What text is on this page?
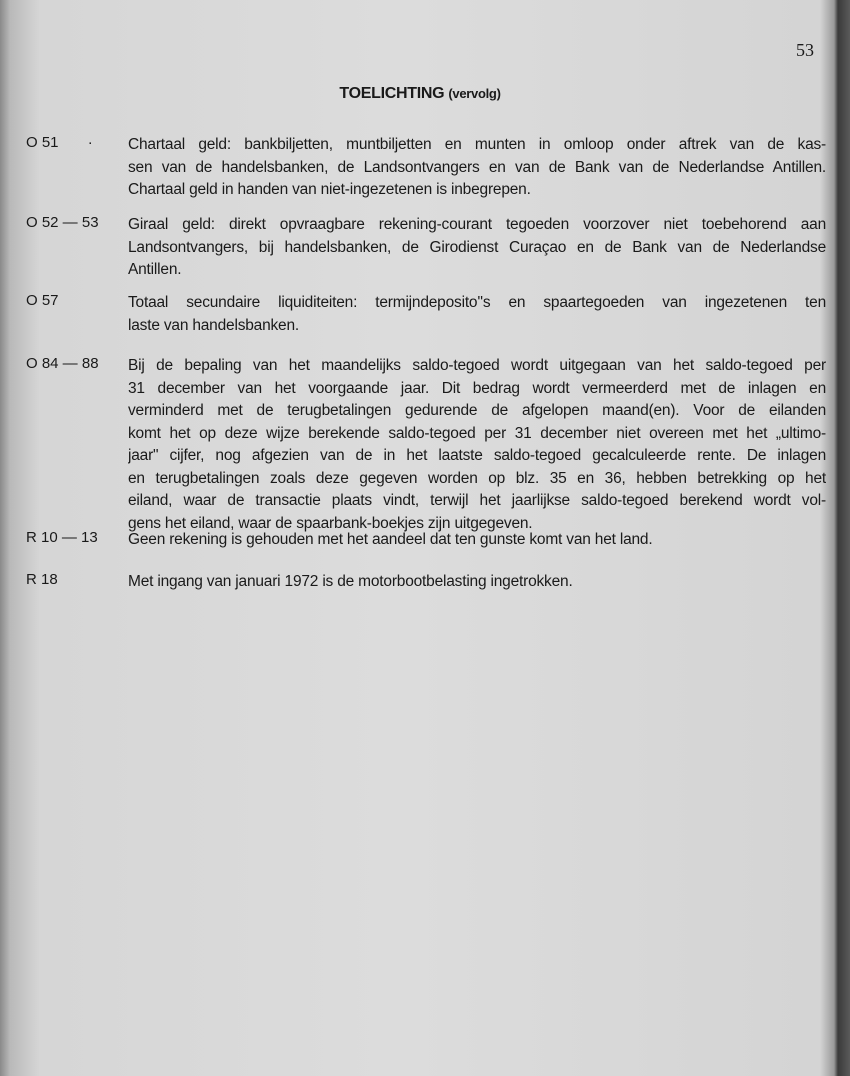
53
TOELICHTING (vervolg)
O 51       · Chartaal geld: bankbiljetten, muntbiljetten en munten in omloop onder aftrek van de kas-
sen van de handelsbanken, de Landsontvangers en van de Bank van de Nederlandse Antillen.
Chartaal geld in handen van niet-ingezetenen is inbegrepen.
O 52 — 53 Giraal geld: direkt opvraagbare rekening-courant tegoeden voorzover niet toebehorend aan
Landsontvangers, bij handelsbanken, de Girodienst Curaçao en de Bank van de Nederlandse
Antillen.
O 57	Totaal secundaire liquiditeiten: termijndeposito''s en spaartegoeden van ingezetenen ten
laste van handelsbanken.
O 84 — 88 Bij de bepaling van het maandelijks saldo-tegoed wordt uitgegaan van het saldo-tegoed per
31 december van het voorgaande jaar. Dit bedrag wordt vermeerderd met de inlagen en
verminderd met de terugbetalingen gedurende de afgelopen maand(en). Voor de eilanden
komt het op deze wijze berekende saldo-tegoed per 31 december niet overeen met het „ultimo-
jaar" cijfer, nog afgezien van de in het laatste saldo-tegoed gecalculeerde rente. De inlagen
en terugbetalingen zoals deze gegeven worden op blz. 35 en 36, hebben betrekking op het
eiland, waar de transactie plaats vindt, terwijl het jaarlijkse saldo-tegoed berekend wordt vol-
gens het eiland, waar de spaarbank-boekjes zijn uitgegeven.
R 10 — 13 Geen rekening is gehouden met het aandeel dat ten gunste komt van het land.
R 18	Met ingang van januari 1972 is de motorbootbelasting ingetrokken.
